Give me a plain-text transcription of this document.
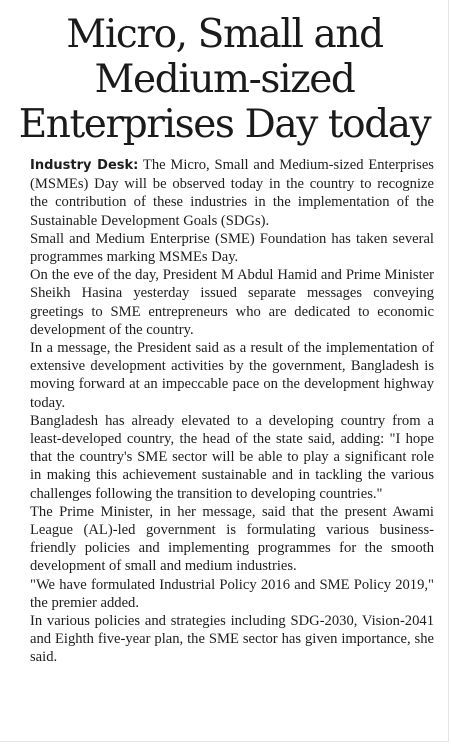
Micro, Small and Medium-sized Enterprises Day today

Industry Desk: The Micro, Small and Medium-sized Enterprises (MSMEs) Day will be observed today in the country to recognize the contribution of these industries in the implementation of the Sustainable Development Goals (SDGs).

Small and Medium Enterprise (SME) Foundation has taken several programmes marking MSMEs Day.

On the eve of the day, President M Abdul Hamid and Prime Minister Sheikh Hasina yesterday issued separate messages conveying greetings to SME entrepreneurs who are dedicated to economic development of the country.

In a message, the President said as a result of the implementation of extensive development activities by the government, Bangladesh is moving forward at an impeccable pace on the development highway today.

Bangladesh has already elevated to a developing country from a least-developed country, the head of the state said, adding: "I hope that the country's SME sector will be able to play a significant role in making this achievement sustainable and in tackling the various challenges following the transition to developing countries."

The Prime Minister, in her message, said that the present Awami League (AL)-led government is formulating various business-friendly policies and implementing programmes for the smooth development of small and medium industries.

"We have formulated Industrial Policy 2016 and SME Policy 2019," the premier added.

In various policies and strategies including SDG-2030, Vision-2041 and Eighth five-year plan, the SME sector has given importance, she said.
